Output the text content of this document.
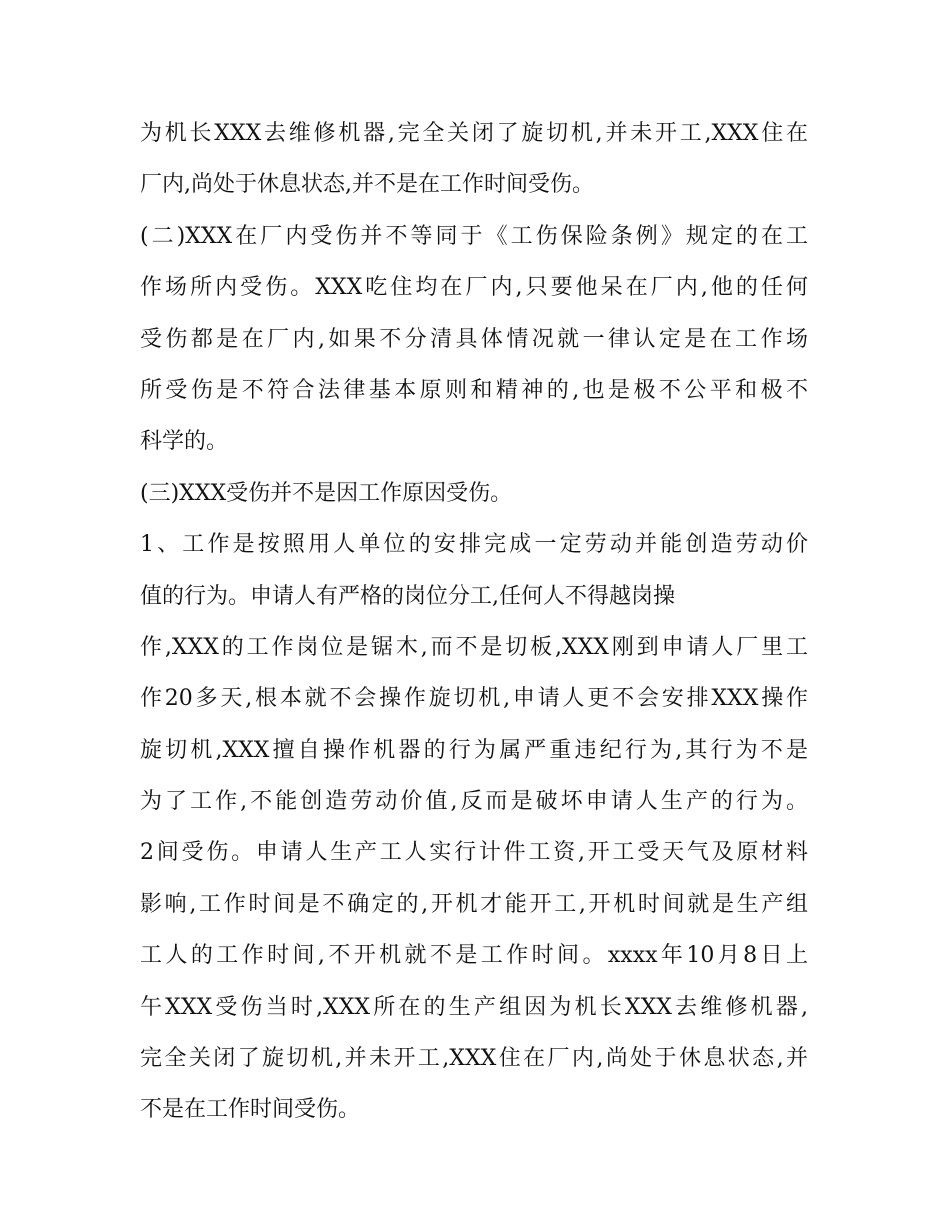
为机长XXX去维修机器,完全关闭了旋切机,并未开工,XXX住在

厂内,尚处于休息状态,并不是在工作时间受伤。

(二)XXX在厂内受伤并不等同于《工伤保险条例》规定的在工

作场所内受伤。XXX吃住均在厂内,只要他呆在厂内,他的任何

受伤都是在厂内,如果不分清具体情况就一律认定是在工作场

所受伤是不符合法律基本原则和精神的,也是极不公平和极不

科学的。

(三)XXX受伤并不是因工作原因受伤。

1、工作是按照用人单位的安排完成一定劳动并能创造劳动价

值的行为。申请人有严格的岗位分工,任何人不得越岗操

作,XXX的工作岗位是锯木,而不是切板,XXX刚到申请人厂里工

作20多天,根本就不会操作旋切机,申请人更不会安排XXX操作

旋切机,XXX擅自操作机器的行为属严重违纪行为,其行为不是

为了工作,不能创造劳动价值,反而是破坏申请人生产的行为。

2间受伤。申请人生产工人实行计件工资,开工受天气及原材料

影响,工作时间是不确定的,开机才能开工,开机时间就是生产组

工人的工作时间,不开机就不是工作时间。xxxx年10月8日上

午XXX受伤当时,XXX所在的生产组因为机长XXX去维修机器,

完全关闭了旋切机,并未开工,XXX住在厂内,尚处于休息状态,并

不是在工作时间受伤。
